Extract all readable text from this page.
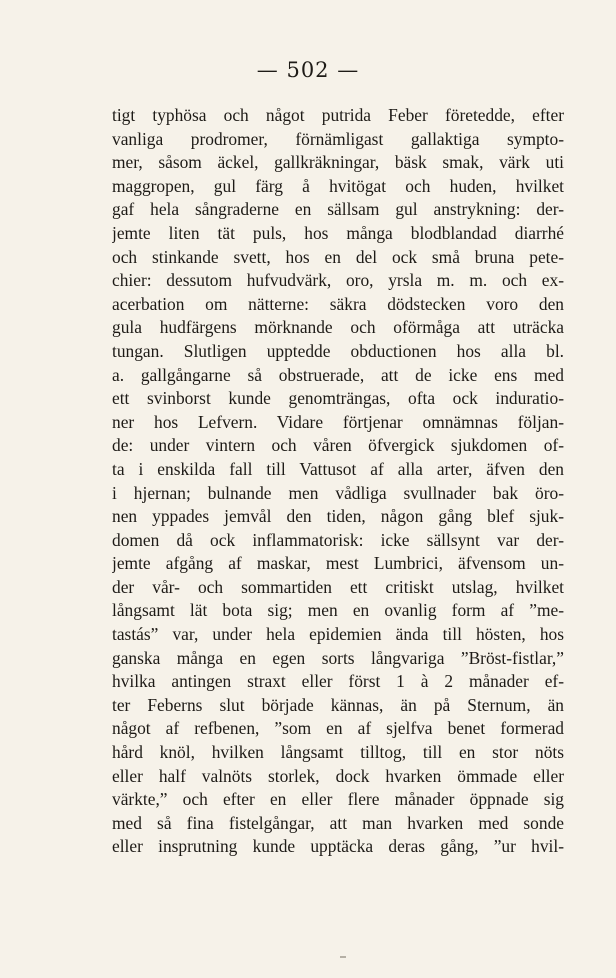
— 502 —
tigt typhösa och något putrida Feber företedde, efter
vanliga prodromer, förnämligast gallaktiga sympto-
mer, såsom äckel, gallkräkningar, bäsk smak, värk uti
maggropen, gul färg å hvitögat och huden, hvilket
gaf hela sångraderne en sällsam gul anstrykning: der-
jemte liten tät puls, hos många blodblandad diarrhé
och stinkande svett, hos en del ock små bruna pete-
chier: dessutom hufvudvärk, oro, yrsla m. m. och ex-
acerbation om nätterne: säkra dödstecken voro den
gula hudfärgens mörknande och oförmåga att uträcka
tungan. Slutligen upptedde obductionen hos alla bl.
a. gallgångarne så obstruerade, att de icke ens med
ett svinborst kunde genomträngas, ofta ock induratio-
ner hos Lefvern. Vidare förtjenar omnämnas följan-
de: under vintern och våren öfvergick sjukdomen of-
ta i enskilda fall till Vattusot af alla arter, äfven den
i hjernan; bulnande men vådliga svullnader bak öro-
nen yppades jemvål den tiden, någon gång blef sjuk-
domen då ock inflammatorisk: icke sällsynt var der-
jemte afgång af maskar, mest Lumbrici, äfvensom un-
der vår- och sommartiden ett critiskt utslag, hvilket
långsamt lät bota sig; men en ovanlig form af ”me-
tastás” var, under hela epidemien ända till hösten, hos
ganska många en egen sorts långvariga ”Bröst-fistlar,”
hvilka antingen straxt eller först 1 à 2 månader ef-
ter Feberns slut började kännas, än på Sternum, än
något af refbenen, ”som en af sjelfva benet formerad
hård knöl, hvilken långsamt tilltog, till en stor nöts
eller half valnöts storlek, dock hvarken ömmade eller
värkte,” och efter en eller flere månader öppnade sig
med så fina fistelgångar, att man hvarken med sonde
eller insprutning kunde upptäcka deras gång, ”ur hvil-
